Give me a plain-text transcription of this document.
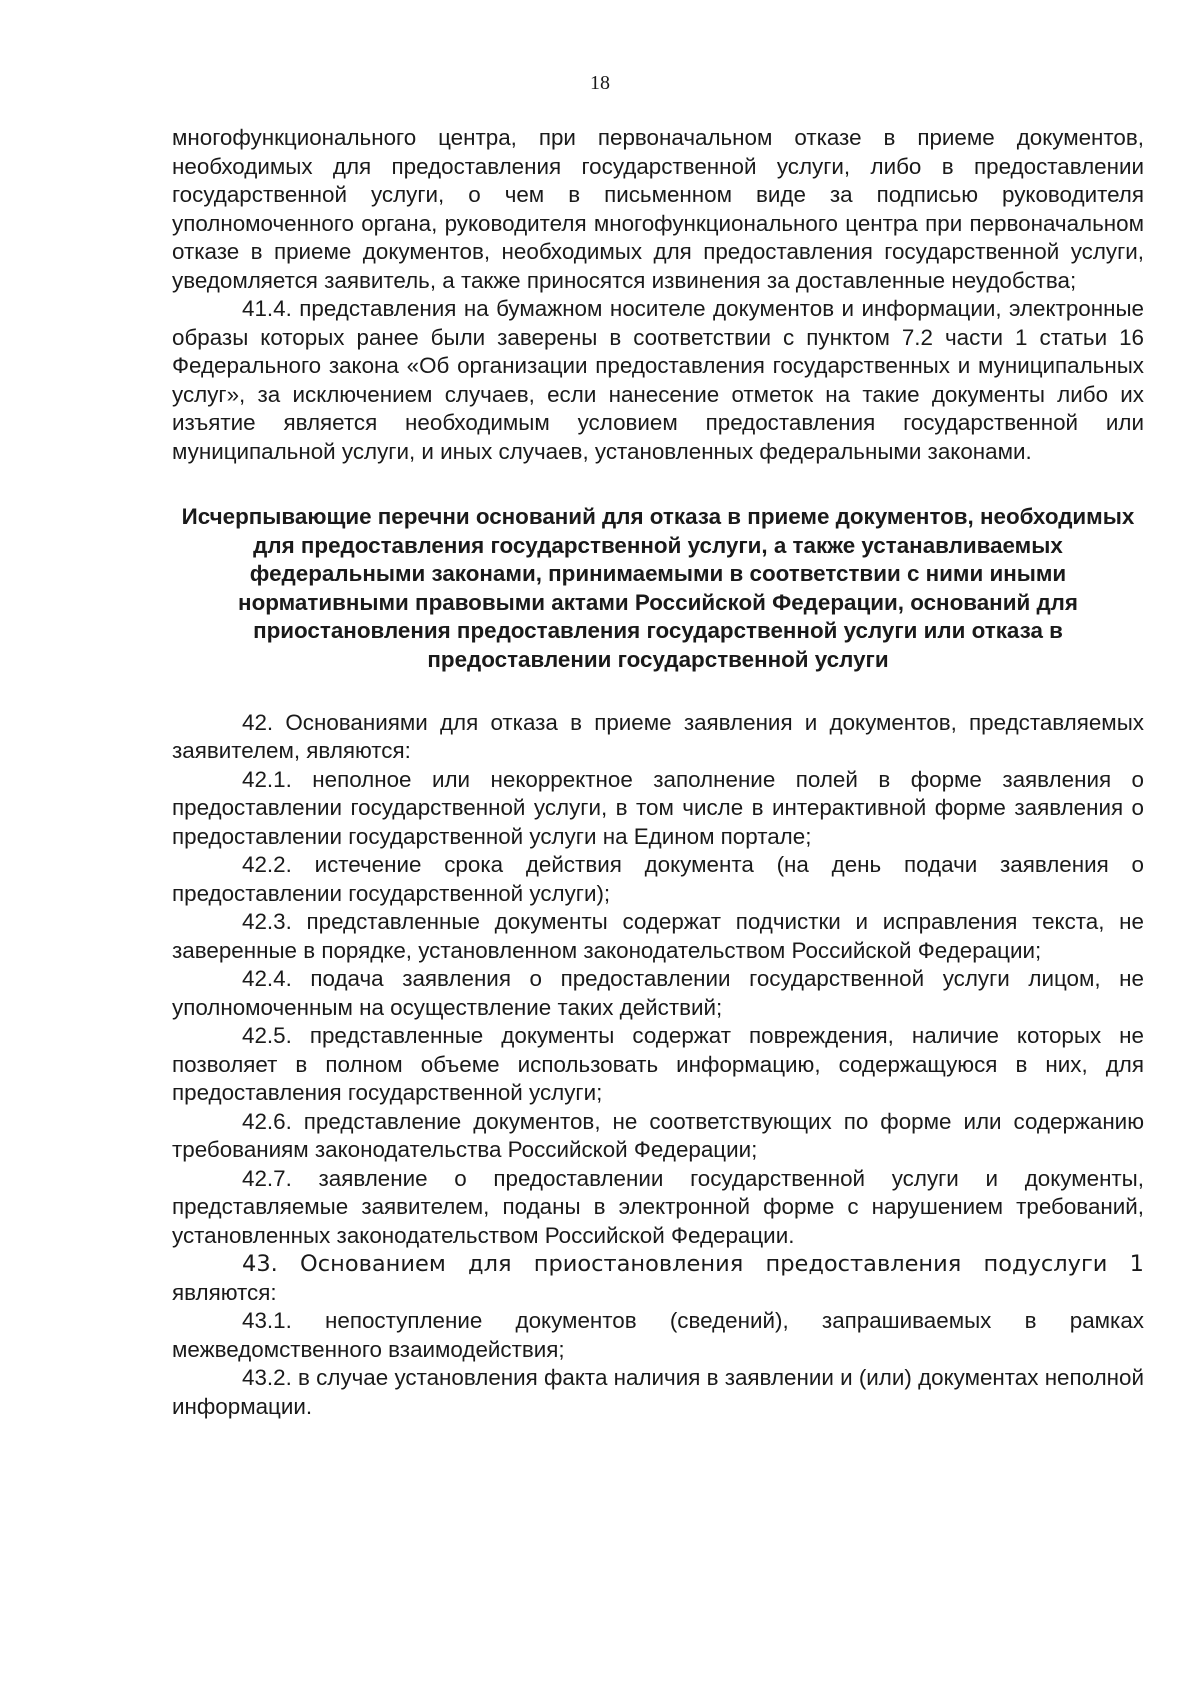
18

многофункционального центра, при первоначальном отказе в приеме документов, необходимых для предоставления государственной услуги, либо в предоставлении государственной услуги, о чем в письменном виде за подписью руководителя уполномоченного органа, руководителя многофункционального центра при первоначальном отказе в приеме документов, необходимых для предоставления государственной услуги, уведомляется заявитель, а также приносятся извинения за доставленные неудобства;

41.4. представления на бумажном носителе документов и информации, электронные образы которых ранее были заверены в соответствии с пунктом 7.2 части 1 статьи 16 Федерального закона «Об организации предоставления государственных и муниципальных услуг», за исключением случаев, если нанесение отметок на такие документы либо их изъятие является необходимым условием предоставления государственной или муниципальной услуги, и иных случаев, установленных федеральными законами.

Исчерпывающие перечни оснований для отказа в приеме документов, необходимых для предоставления государственной услуги, а также устанавливаемых федеральными законами, принимаемыми в соответствии с ними иными нормативными правовыми актами Российской Федерации, оснований для приостановления предоставления государственной услуги или отказа в предоставлении государственной услуги

42. Основаниями для отказа в приеме заявления и документов, представляемых заявителем, являются:

42.1. неполное или некорректное заполнение полей в форме заявления о предоставлении государственной услуги, в том числе в интерактивной форме заявления о предоставлении государственной услуги на Едином портале;

42.2. истечение срока действия документа (на день подачи заявления о предоставлении государственной услуги);

42.3. представленные документы содержат подчистки и исправления текста, не заверенные в порядке, установленном законодательством Российской Федерации;

42.4. подача заявления о предоставлении государственной услуги лицом, не уполномоченным на осуществление таких действий;

42.5. представленные документы содержат повреждения, наличие которых не позволяет в полном объеме использовать информацию, содержащуюся в них, для предоставления государственной услуги;

42.6. представление документов, не соответствующих по форме или содержанию требованиям законодательства Российской Федерации;

42.7. заявление о предоставлении государственной услуги и документы, представляемые заявителем, поданы в электронной форме с нарушением требований, установленных законодательством Российской Федерации.

43. Основанием для приостановления предоставления подуслуги 1 являются:

43.1. непоступление документов (сведений), запрашиваемых в рамках межведомственного взаимодействия;

43.2. в случае установления факта наличия в заявлении и (или) документах неполной информации.
